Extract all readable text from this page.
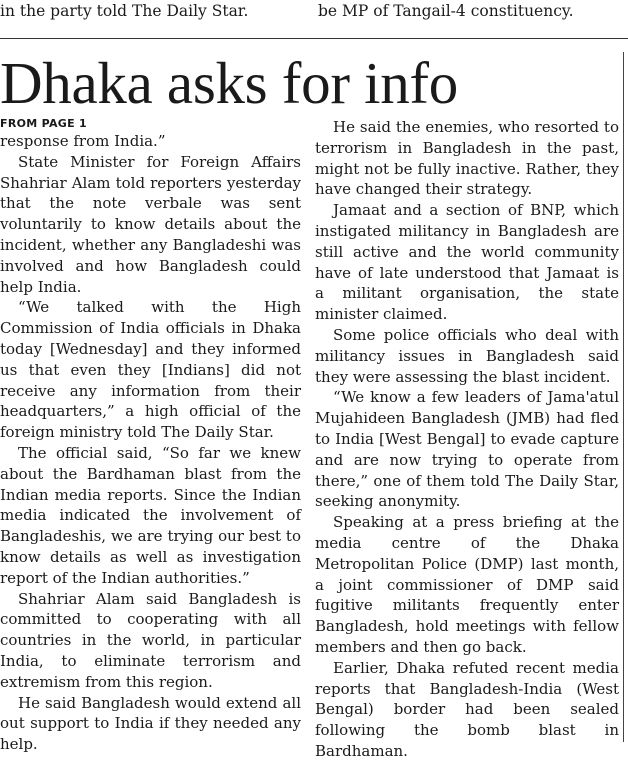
in the party told The Daily Star.	be MP of Tangail-4 constituency.
Dhaka asks for info
FROM PAGE 1

response from India.”

State Minister for Foreign Affairs Shahriar Alam told reporters yesterday that the note verbale was sent voluntarily to know details about the incident, whether any Bangladeshi was involved and how Bangladesh could help India.

“We talked with the High Commission of India officials in Dhaka today [Wednesday] and they informed us that even they [Indians] did not receive any information from their headquarters,” a high official of the foreign ministry told The Daily Star.

The official said, “So far we knew about the Bardhaman blast from the Indian media reports. Since the Indian media indicated the involvement of Bangladeshis, we are trying our best to know details as well as investigation report of the Indian authorities.”

Shahriar Alam said Bangladesh is committed to cooperating with all countries in the world, in particular India, to eliminate terrorism and extremism from this region.

He said Bangladesh would extend all out support to India if they needed any help.

He said the enemies, who resorted to terrorism in Bangladesh in the past, might not be fully inactive. Rather, they have changed their strategy.

Jamaat and a section of BNP, which instigated militancy in Bangladesh are still active and the world community have of late understood that Jamaat is a militant organisation, the state minister claimed.

Some police officials who deal with militancy issues in Bangladesh said they were assessing the blast incident.

“We know a few leaders of Jama'atul Mujahideen Bangladesh (JMB) had fled to India [West Bengal] to evade capture and are now trying to operate from there,” one of them told The Daily Star, seeking anonymity.

Speaking at a press briefing at the media centre of the Dhaka Metropolitan Police (DMP) last month, a joint commissioner of DMP said fugitive militants frequently enter Bangladesh, hold meetings with fellow members and then go back.

Earlier, Dhaka refuted recent media reports that Bangladesh-India (West Bengal) border had been sealed following the bomb blast in Bardhaman.
